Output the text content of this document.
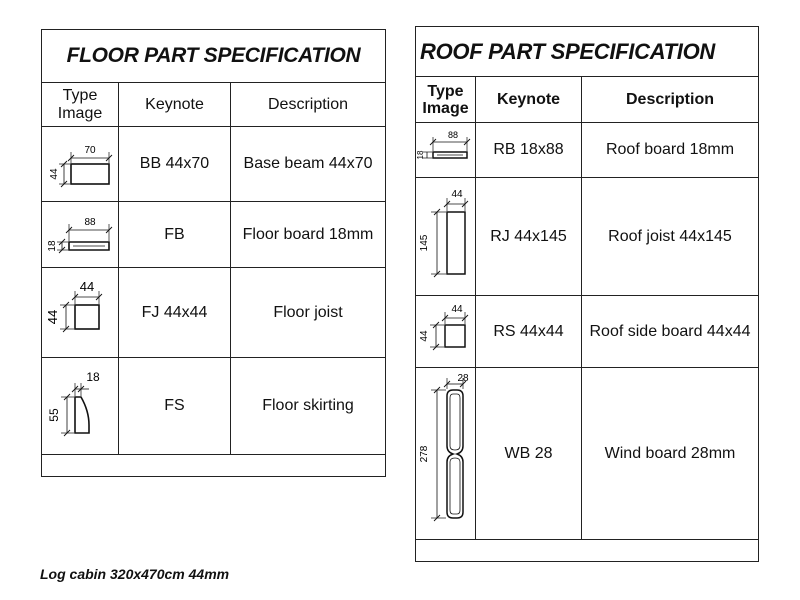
FLOOR PART SPECIFICATION		
Type Image	Keynote	Description

70
44	BB 44x70	Base beam 44x70

88
18	FB	Floor board 18mm

44
44	FJ 44x44	Floor joist

18
55	FS	Floor skirting

ROOF PART SPECIFICATION		
Type Image	Keynote	Description

88
18	RB 18x88	Roof board 18mm

44
145	RJ 44x145	Roof joist 44x145

44
44	RS 44x44	Roof side board 44x44

28
278	WB 28	Wind board 28mm

Log cabin 320x470cm 44mm
